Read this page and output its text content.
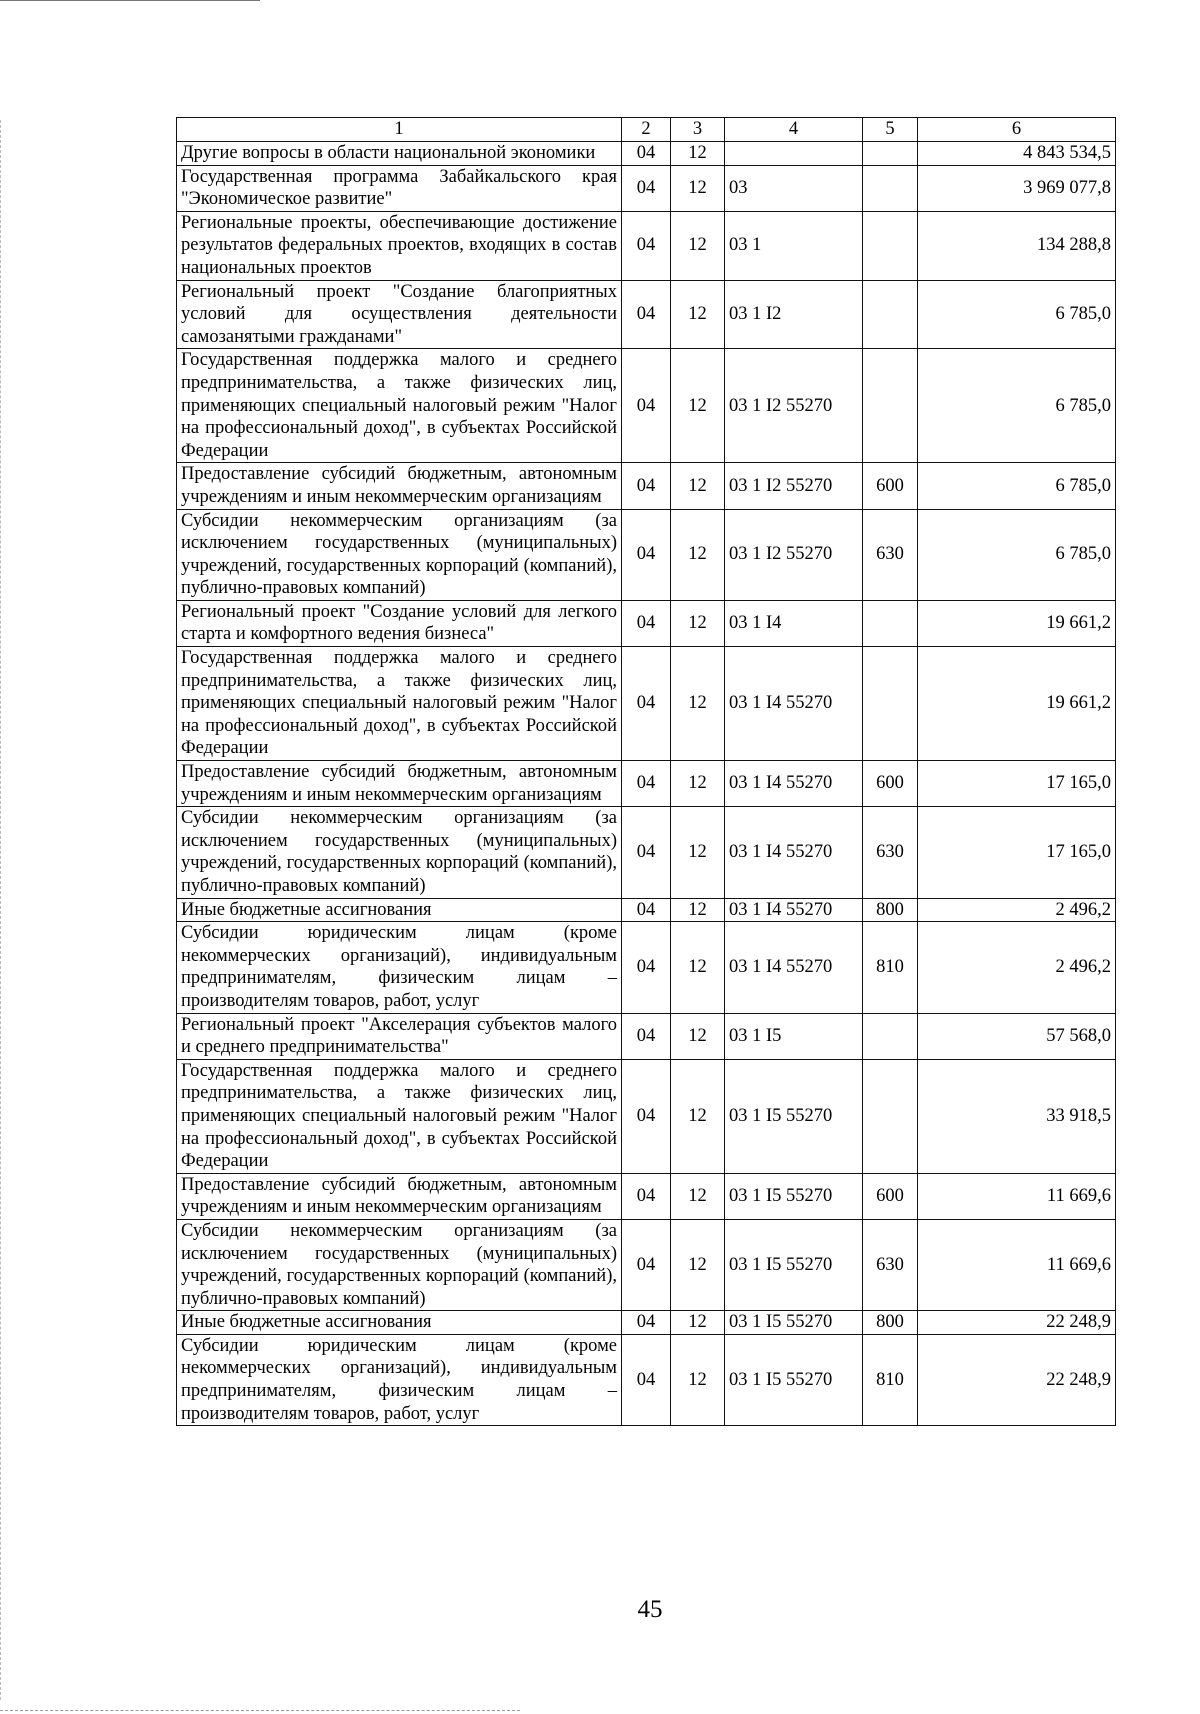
1	2	3	4	5	6
Другие вопросы в области национальной экономики	04	12			4 843 534,5
Государственная программа Забайкальского края "Экономическое развитие"	04	12	03		3 969 077,8
Региональные проекты, обеспечивающие достижение результатов федеральных проектов, входящих в состав национальных проектов	04	12	03 1		134 288,8
Региональный проект "Создание благоприятных условий для осуществления деятельности самозанятыми гражданами"	04	12	03 1 I2		6 785,0
Государственная поддержка малого и среднего предпринимательства, а также физических лиц, применяющих специальный налоговый режим "Налог на профессиональный доход", в субъектах Российской Федерации	04	12	03 1 I2 55270		6 785,0
Предоставление субсидий бюджетным, автономным учреждениям и иным некоммерческим организациям	04	12	03 1 I2 55270	600	6 785,0
Субсидии некоммерческим организациям (за исключением государственных (муниципальных) учреждений, государственных корпораций (компаний), публично-правовых компаний)	04	12	03 1 I2 55270	630	6 785,0
Региональный проект "Создание условий для легкого старта и комфортного ведения бизнеса"	04	12	03 1 I4		19 661,2
Государственная поддержка малого и среднего предпринимательства, а также физических лиц, применяющих специальный налоговый режим "Налог на профессиональный доход", в субъектах Российской Федерации	04	12	03 1 I4 55270		19 661,2
Предоставление субсидий бюджетным, автономным учреждениям и иным некоммерческим организациям	04	12	03 1 I4 55270	600	17 165,0
Субсидии некоммерческим организациям (за исключением государственных (муниципальных) учреждений, государственных корпораций (компаний), публично-правовых компаний)	04	12	03 1 I4 55270	630	17 165,0
Иные бюджетные ассигнования	04	12	03 1 I4 55270	800	2 496,2
Субсидии юридическим лицам (кроме некоммерческих организаций), индивидуальным предпринимателям, физическим лицам – производителям товаров, работ, услуг	04	12	03 1 I4 55270	810	2 496,2
Региональный проект "Акселерация субъектов малого и среднего предпринимательства"	04	12	03 1 I5		57 568,0
Государственная поддержка малого и среднего предпринимательства, а также физических лиц, применяющих специальный налоговый режим "Налог на профессиональный доход", в субъектах Российской Федерации	04	12	03 1 I5 55270		33 918,5
Предоставление субсидий бюджетным, автономным учреждениям и иным некоммерческим организациям	04	12	03 1 I5 55270	600	11 669,6
Субсидии некоммерческим организациям (за исключением государственных (муниципальных) учреждений, государственных корпораций (компаний), публично-правовых компаний)	04	12	03 1 I5 55270	630	11 669,6
Иные бюджетные ассигнования	04	12	03 1 I5 55270	800	22 248,9
Субсидии юридическим лицам (кроме некоммерческих организаций), индивидуальным предпринимателям, физическим лицам – производителям товаров, работ, услуг	04	12	03 1 I5 55270	810	22 248,9
45
